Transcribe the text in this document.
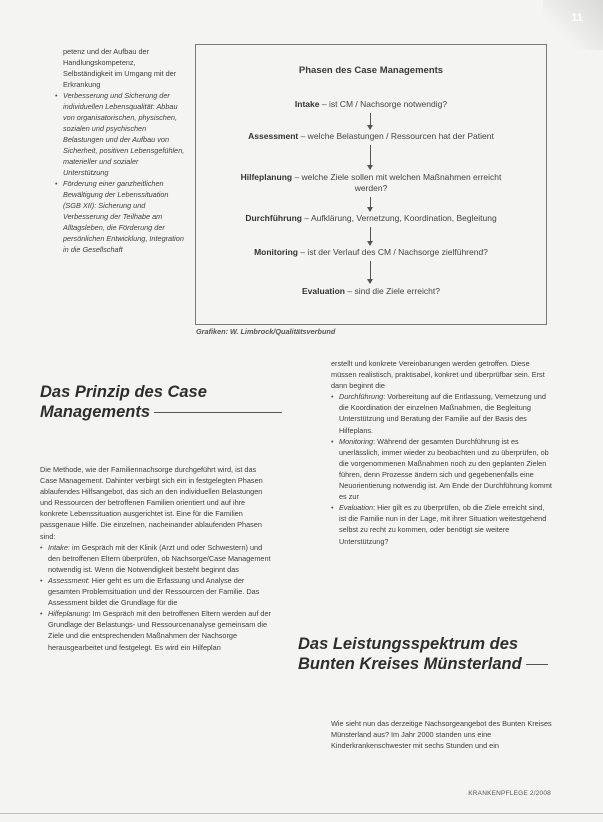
11

petenz und der Aufbau der Handlungskompetenz, Selbständigkeit im Umgang mit der Erkrankung

• Verbesserung und Sicherung der individuellen Lebensqualität: Abbau von organisatorischen, physischen, sozialen und psychischen Belastungen und der Aufbau von Sicherheit, positiven Lebensgefühlen, materieller und sozialer Unterstützung
• Förderung einer ganzheitlichen Bewältigung der Lebenssituation (SGB XII): Sicherung und Verbesserung der Teilhabe am Alltagsleben, die Förderung der persönlichen Entwicklung, Integration in die Gesellschaft
Phasen des Case Managements
Intake – ist CM / Nachsorge notwendig?
Assessment – welche Belastungen / Ressourcen hat der Patient
Hilfeplanung – welche Ziele sollen mit welchen Maßnahmen erreicht werden?
Durchführung – Aufklärung, Vernetzung, Koordination, Begleitung
Monitoring – ist der Verlauf des CM / Nachsorge zielführend?
Evaluation – sind die Ziele erreicht?
Grafiken: W. Limbrock/Qualitätsverbund
Das Prinzip des Case
Managements

Die Methode, wie der Familiennachsorge durchgeführt wird, ist das Case Management. Dahinter verbirgt sich ein in festgelegten Phasen ablaufendes Hilfsangebot, das sich an den individuellen Belastungen und Ressourcen der betroffenen Familien orientiert und auf ihre konkrete Lebenssituation ausgerichtet ist. Eine für die Familien passgenaue Hilfe. Die einzelnen, nacheinander ablaufenden Phasen sind:

• Intake: im Gespräch mit der Klinik (Arzt und oder Schwestern) und den betroffenen Eltern überprüfen, ob Nachsorge/Case Management notwendig ist. Wenn die Notwendigkeit besteht beginnt das
• Assessment: Hier geht es um die Erfassung und Analyse der gesamten Problemsituation und der Ressourcen der Familie. Das Assessment bildet die Grundlage für die
• Hilfeplanung: Im Gespräch mit den betroffenen Eltern werden auf der Grundlage der Belastungs- und Ressourcenanalyse gemeinsam die Ziele und die entsprechenden Maßnahmen der Nachsorge herausgearbeitet und festgelegt. Es wird ein Hilfeplan

erstellt und konkrete Vereinbarungen werden getroffen. Diese müssen realistisch, praktisabel, konkret und überprüfbar sein. Erst dann beginnt die

• Durchführung: Vorbereitung auf die Entlassung, Vernetzung und die Koordination der einzelnen Maßnahmen, die Begleitung Unterstützung und Beratung der Familie auf der Basis des Hilfeplans.
• Monitoring: Während der gesamten Durchführung ist es unerlässlich, immer wieder zu beobachten und zu überprüfen, ob die vorgenommenen Maßnahmen noch zu den geplanten Zielen führen, denn Prozesse ändern sich und gegebenenfalls eine Neuorientierung notwendig ist. Am Ende der Durchführung kommt es zur
• Evaluation: Hier gilt es zu überprüfen, ob die Ziele erreicht sind, ist die Familie nun in der Lage, mit ihrer Situation weitestgehend selbst zu recht zu kommen, oder benötigt sie weitere Unterstützung?
Das Leistungsspektrum des
Bunten Kreises Münsterland

Wie sieht nun das derzeitige Nachsorgeangebot des Bunten Kreises Münsterland aus? Im Jahr 2000 standen uns eine Kinderkrankenschwester mit sechs Stunden und ein

KRANKENPFLEGE 2/2008
